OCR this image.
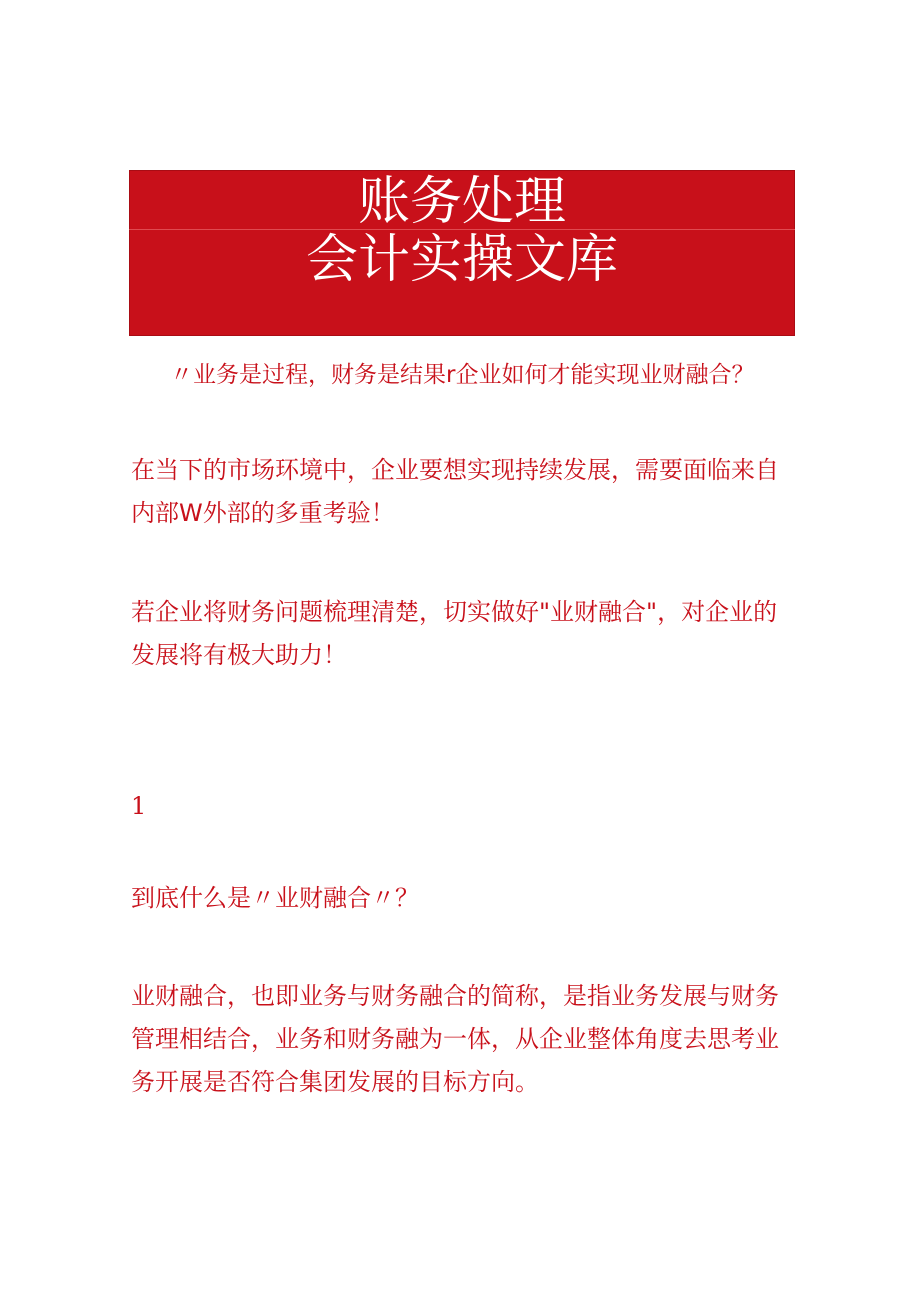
账务处理
会计实操文库

〃业务是过程，财务是结果r企业如何才能实现业财融合？

在当下的市场环境中，企业要想实现持续发展，需要面临来自内部W外部的多重考验！

若企业将财务问题梳理清楚，切实做好"业财融合"，对企业的发展将有极大助力！

1

到底什么是〃业财融合〃？

业财融合，也即业务与财务融合的简称，是指业务发展与财务管理相结合，业务和财务融为一体，从企业整体角度去思考业务开展是否符合集团发展的目标方向。
